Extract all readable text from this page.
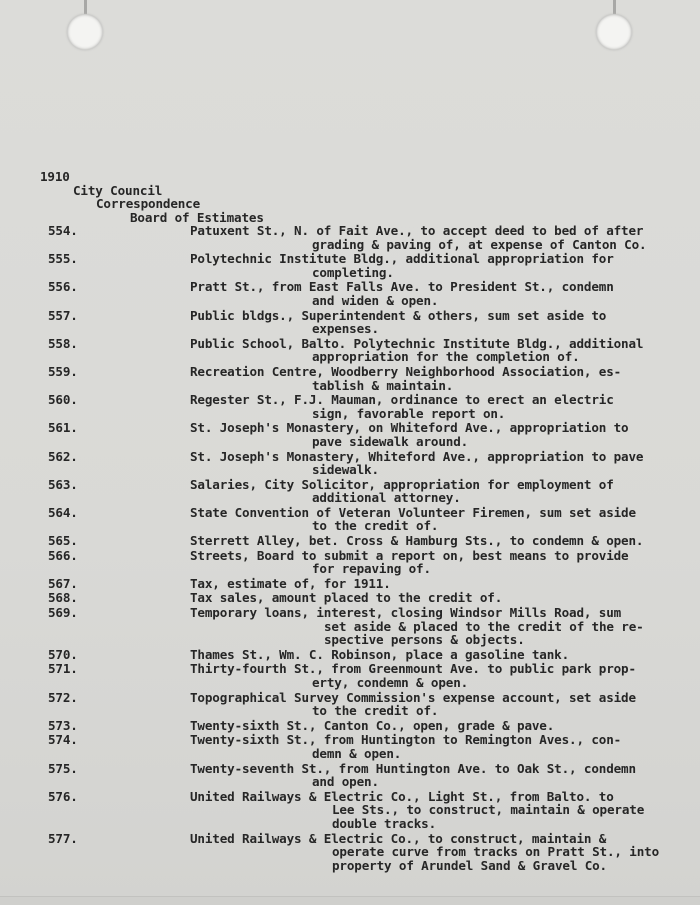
1910
City Council
Correspondence
Board of Estimates
554.	Patuxent St., N. of Fait Ave., to accept deed to bed of after
grading & paving of, at expense of Canton Co.
555.	Polytechnic Institute Bldg., additional appropriation for
completing.
556.	Pratt St., from East Falls Ave. to President St., condemn
and widen & open.
557.	Public bldgs., Superintendent & others, sum set aside to
expenses.
558.	Public School, Balto. Polytechnic Institute Bldg., additional
appropriation for the completion of.
559.	Recreation Centre, Woodberry Neighborhood Association, es-
tablish & maintain.
560.	Regester St., F.J. Mauman, ordinance to erect an electric
sign, favorable report on.
561.	St. Joseph's Monastery, on Whiteford Ave., appropriation to
pave sidewalk around.
562.	St. Joseph's Monastery, Whiteford Ave., appropriation to pave
sidewalk.
563.	Salaries, City Solicitor, appropriation for employment of
additional attorney.
564.	State Convention of Veteran Volunteer Firemen, sum set aside
to the credit of.
565.	Sterrett Alley, bet. Cross & Hamburg Sts., to condemn & open.
566.	Streets, Board to submit a report on, best means to provide
for repaving of.
567.	Tax, estimate of, for 1911.
568.	Tax sales, amount placed to the credit of.
569.	Temporary loans, interest, closing Windsor Mills Road, sum
set aside & placed to the credit of the re-
spective persons & objects.
570.	Thames St., Wm. C. Robinson, place a gasoline tank.
571.	Thirty-fourth St., from Greenmount Ave. to public park prop-
erty, condemn & open.
572.	Topographical Survey Commission's expense account, set aside
to the credit of.
573.	Twenty-sixth St., Canton Co., open, grade & pave.
574.	Twenty-sixth St., from Huntington to Remington Aves., con-
demn & open.
575.	Twenty-seventh St., from Huntington Ave. to Oak St., condemn
and open.
576.	United Railways & Electric Co., Light St., from Balto. to
Lee Sts., to construct, maintain & operate
double tracks.
577.	United Railways & Electric Co., to construct, maintain &
operate curve from tracks on Pratt St., into
property of Arundel Sand & Gravel Co.
